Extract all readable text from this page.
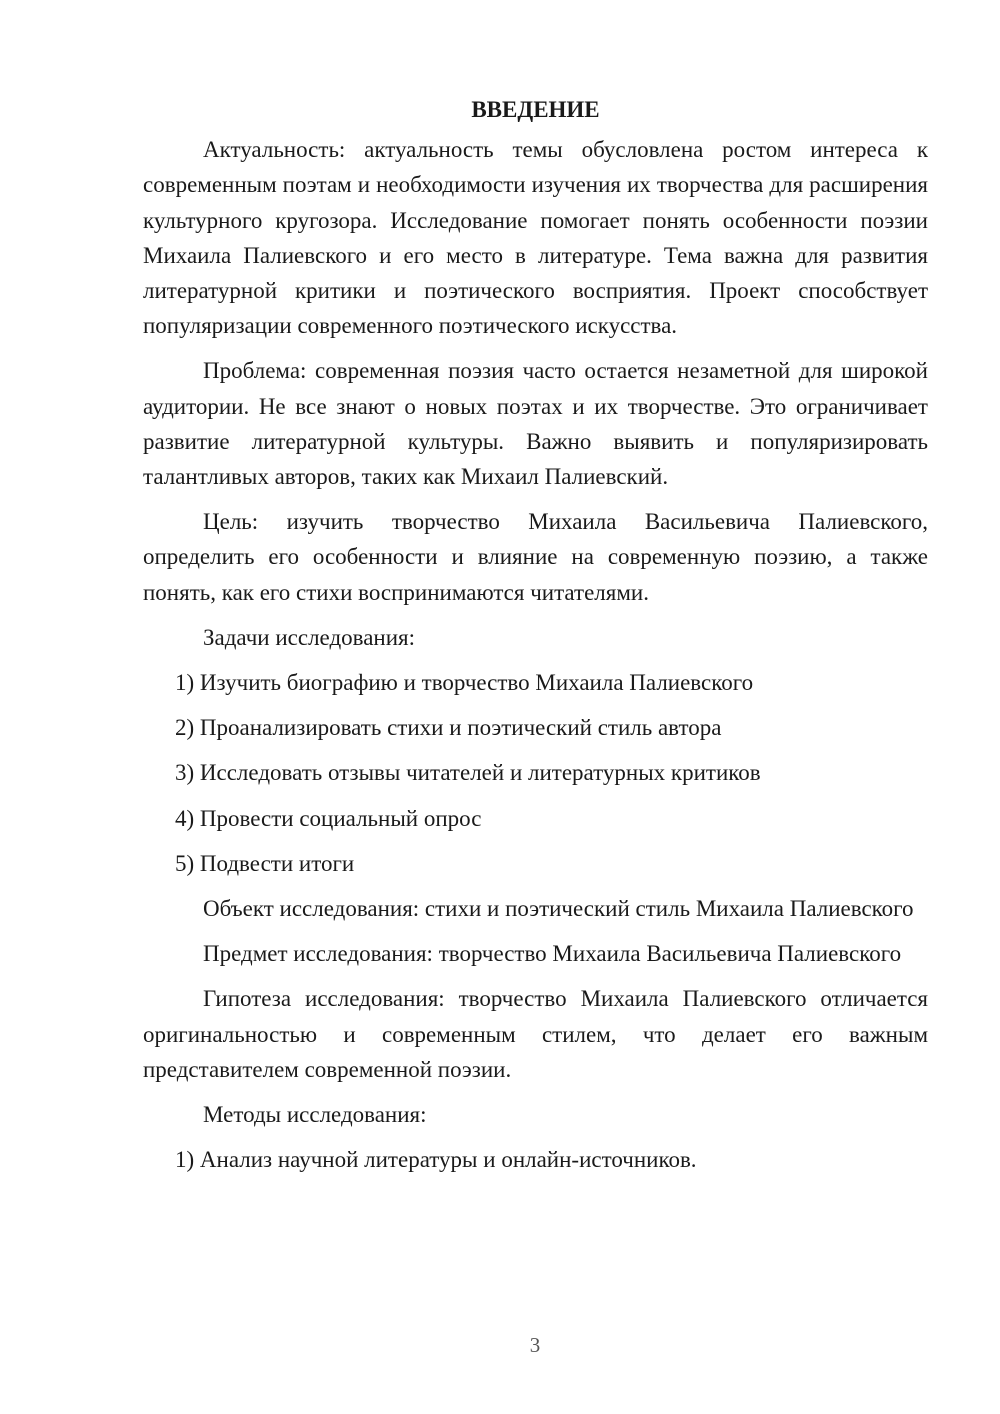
ВВЕДЕНИЕ

Актуальность: актуальность темы обусловлена ростом интереса к современным поэтам и необходимости изучения их творчества для расширения культурного кругозора. Исследование помогает понять особенности поэзии Михаила Палиевского и его место в литературе. Тема важна для развития литературной критики и поэтического восприятия. Проект способствует популяризации современного поэтического искусства.

Проблема: современная поэзия часто остается незаметной для широкой аудитории. Не все знают о новых поэтах и их творчестве. Это ограничивает развитие литературной культуры. Важно выявить и популяризировать талантливых авторов, таких как Михаил Палиевский.

Цель: изучить творчество Михаила Васильевича Палиевского, определить его особенности и влияние на современную поэзию, а также понять, как его стихи воспринимаются читателями.

Задачи исследования:

1) Изучить биографию и творчество Михаила Палиевского
2) Проанализировать стихи и поэтический стиль автора
3) Исследовать отзывы читателей и литературных критиков
4) Провести социальный опрос
5) Подвести итоги

Объект исследования: стихи и поэтический стиль Михаила Палиевского

Предмет исследования: творчество Михаила Васильевича Палиевского

Гипотеза исследования: творчество Михаила Палиевского отличается оригинальностью и современным стилем, что делает его важным представителем современной поэзии.

Методы исследования:

1) Анализ научной литературы и онлайн-источников.
3
